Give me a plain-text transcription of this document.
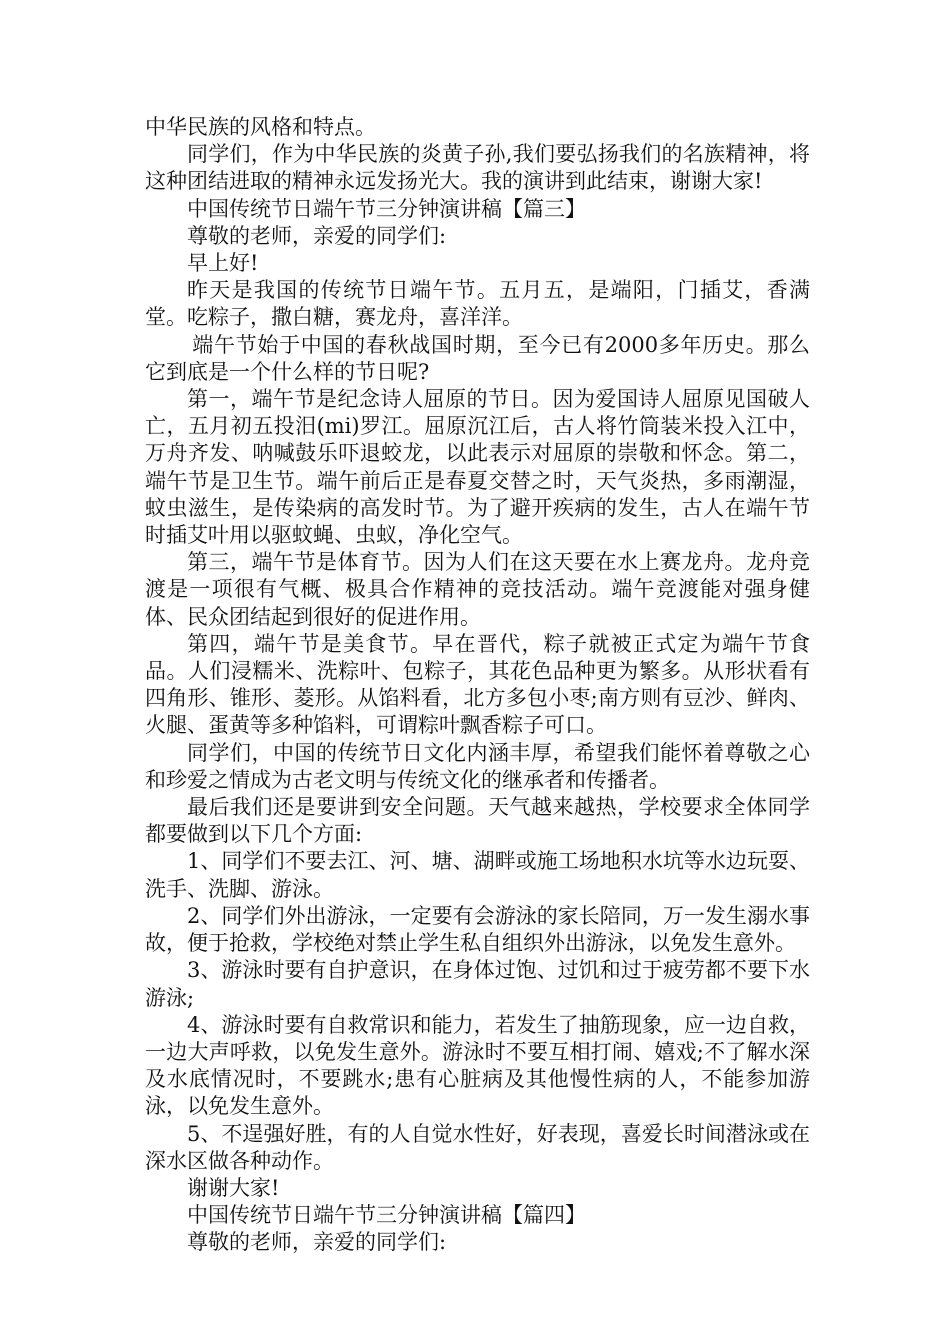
中华民族的风格和特点。

同学们，作为中华民族的炎黄子孙,我们要弘扬我们的名族精神，将这种团结进取的精神永远发扬光大。我的演讲到此结束，谢谢大家!

中国传统节日端午节三分钟演讲稿【篇三】

尊敬的老师，亲爱的同学们:

早上好!

昨天是我国的传统节日端午节。五月五，是端阳，门插艾，香满堂。吃粽子，撒白糖，赛龙舟，喜洋洋。

端午节始于中国的春秋战国时期，至今已有2000多年历史。那么它到底是一个什么样的节日呢?

第一，端午节是纪念诗人屈原的节日。因为爱国诗人屈原见国破人亡，五月初五投汨(mi)罗江。屈原沉江后，古人将竹筒装米投入江中，万舟齐发、呐喊鼓乐吓退蛟龙，以此表示对屈原的崇敬和怀念。第二，端午节是卫生节。端午前后正是春夏交替之时，天气炎热，多雨潮湿，蚊虫滋生，是传染病的高发时节。为了避开疾病的发生，古人在端午节时插艾叶用以驱蚊蝇、虫蚁，净化空气。

第三，端午节是体育节。因为人们在这天要在水上赛龙舟。龙舟竞渡是一项很有气概、极具合作精神的竞技活动。端午竞渡能对强身健体、民众团结起到很好的促进作用。

第四，端午节是美食节。早在晋代，粽子就被正式定为端午节食品。人们浸糯米、洗粽叶、包粽子，其花色品种更为繁多。从形状看有四角形、锥形、菱形。从馅料看，北方多包小枣;南方则有豆沙、鲜肉、火腿、蛋黄等多种馅料，可谓粽叶飘香粽子可口。

同学们，中国的传统节日文化内涵丰厚，希望我们能怀着尊敬之心和珍爱之情成为古老文明与传统文化的继承者和传播者。

最后我们还是要讲到安全问题。天气越来越热，学校要求全体同学都要做到以下几个方面:

1、同学们不要去江、河、塘、湖畔或施工场地积水坑等水边玩耍、洗手、洗脚、游泳。

2、同学们外出游泳，一定要有会游泳的家长陪同，万一发生溺水事故，便于抢救，学校绝对禁止学生私自组织外出游泳，以免发生意外。

3、游泳时要有自护意识，在身体过饱、过饥和过于疲劳都不要下水游泳;

4、游泳时要有自救常识和能力，若发生了抽筋现象，应一边自救，一边大声呼救，以免发生意外。游泳时不要互相打闹、嬉戏;不了解水深及水底情况时，不要跳水;患有心脏病及其他慢性病的人，不能参加游泳，以免发生意外。

5、不逞强好胜，有的人自觉水性好，好表现，喜爱长时间潜泳或在深水区做各种动作。

谢谢大家!

中国传统节日端午节三分钟演讲稿【篇四】

尊敬的老师，亲爱的同学们:
